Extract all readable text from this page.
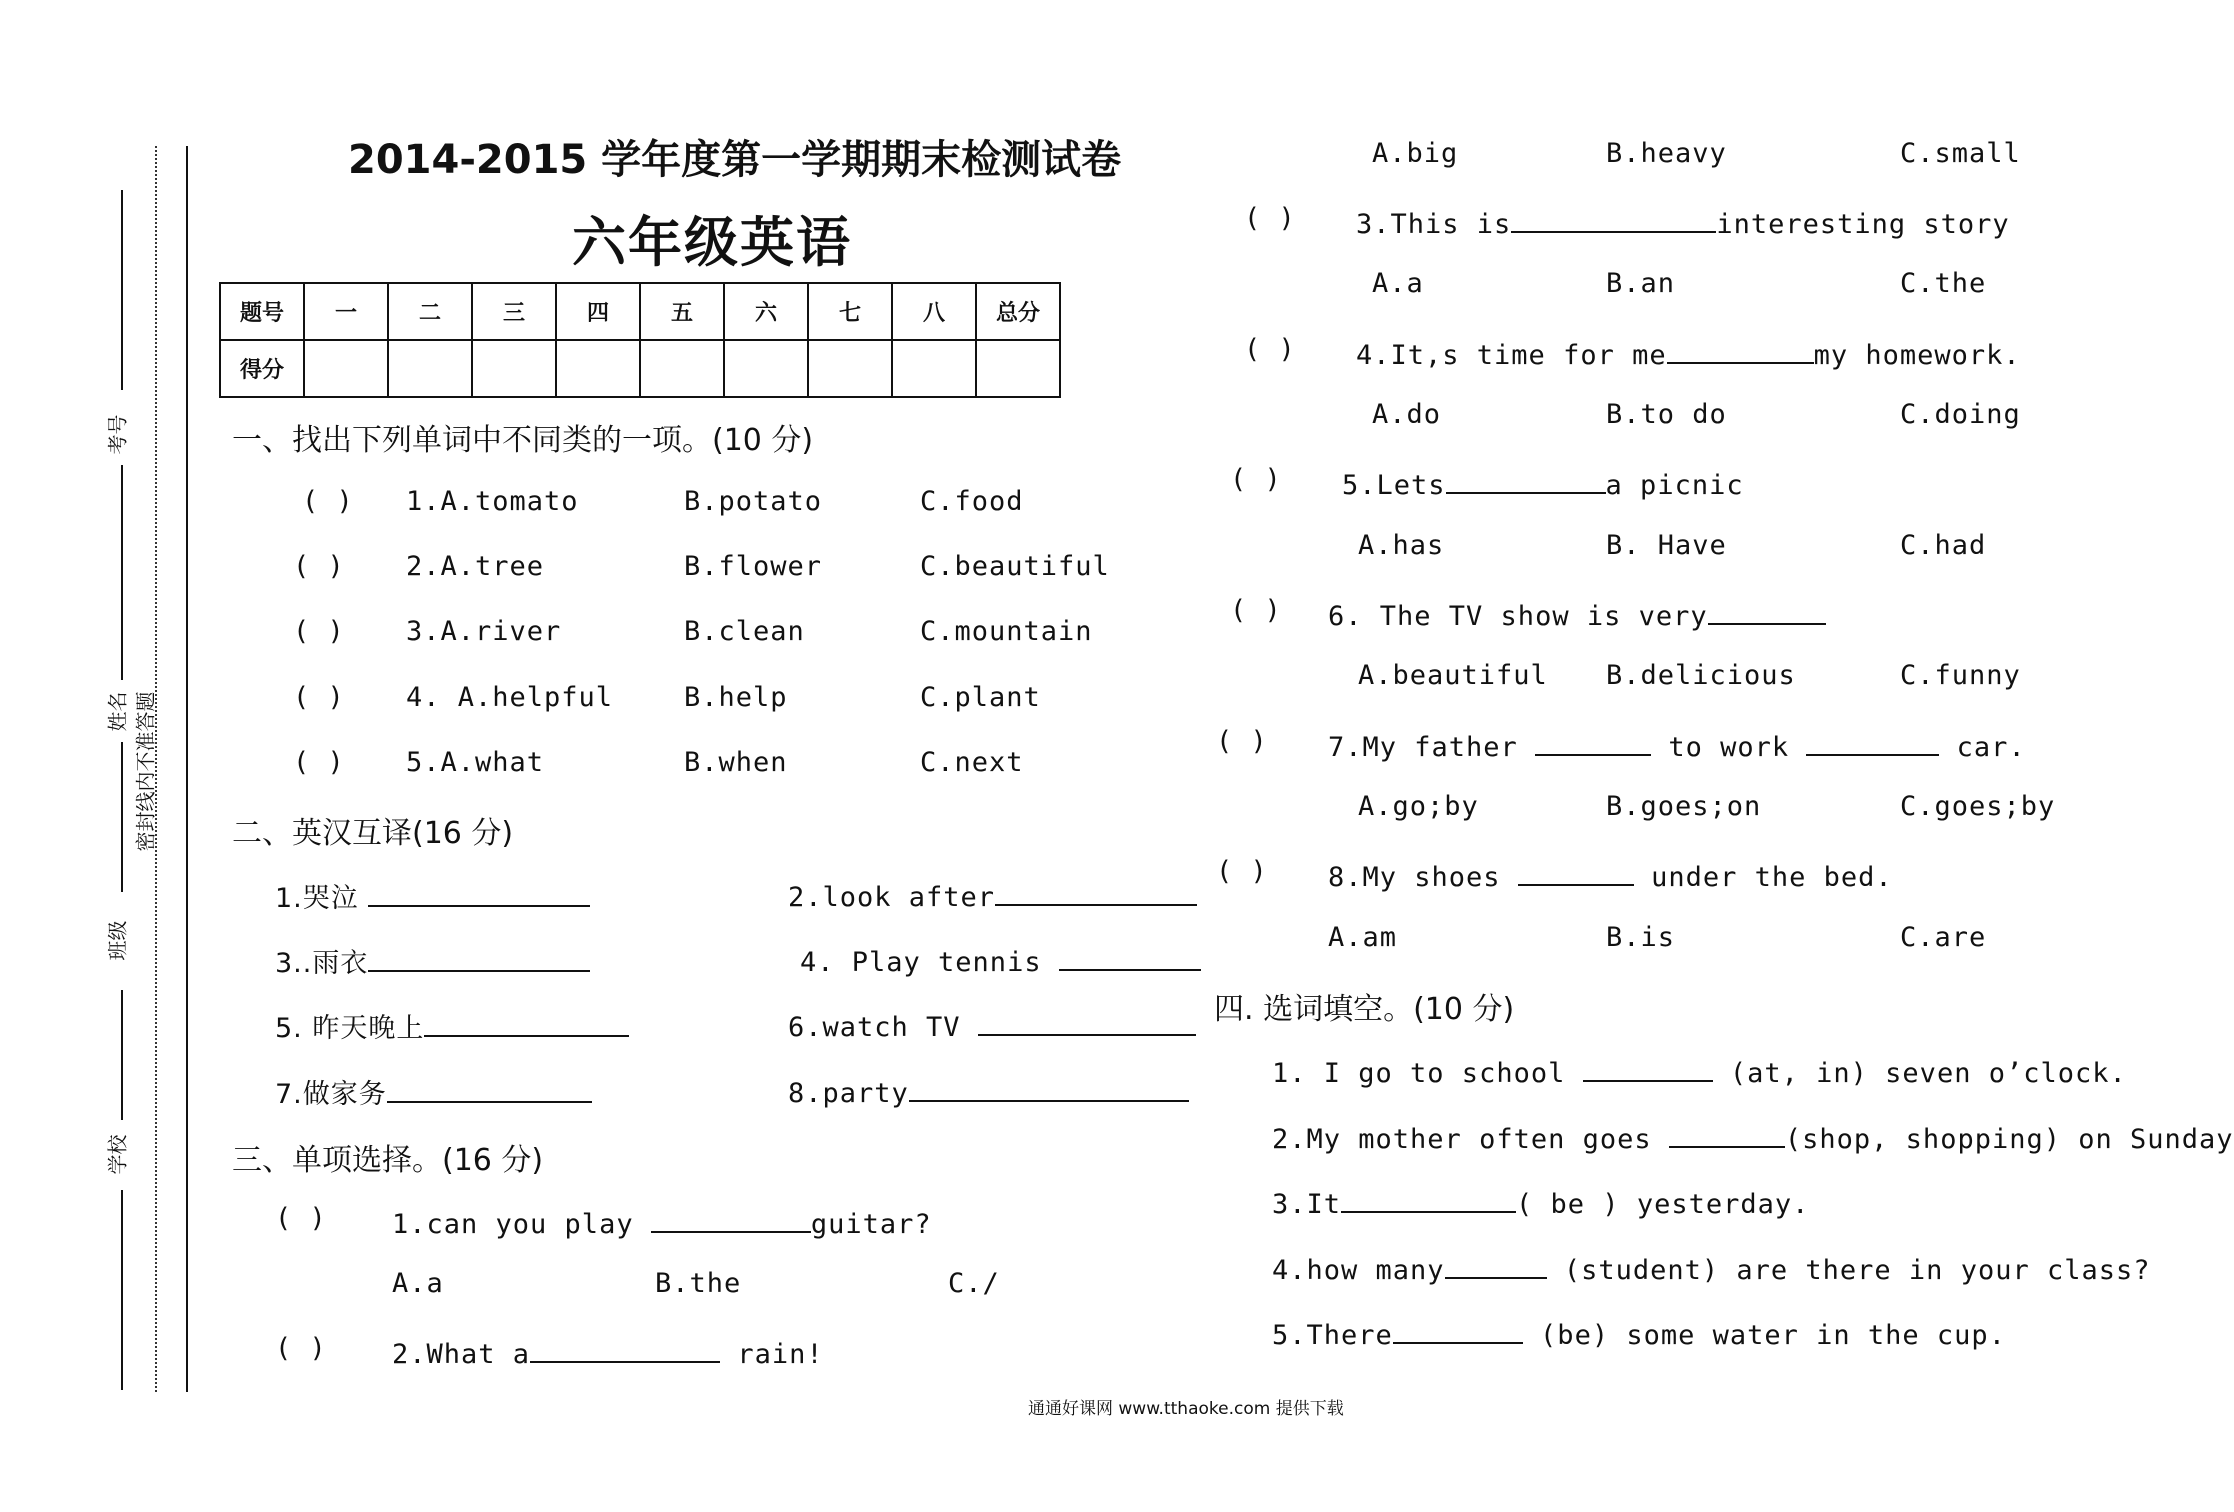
考号
姓名 密封线内不准答题
班级
学校
2014-2015 学年度第一学期期末检测试卷
六年级英语
题号	一	二	三	四	五	六	七	八	总分
得分									
一、找出下列单词中不同类的一项。(10 分)
( ) 1.A.tomato	B.potato	C.food
( ) 2.A.tree	B.flower	C.beautiful
( ) 3.A.river	B.clean	C.mountain
( ) 4. A.helpful	B.help	C.plant
( ) 5.A.what	B.when	C.next
二、英汉互译(16 分)
1.哭泣	2.look after
3..雨衣	4. Play tennis
5. 昨天晚上	6.watch TV
7.做家务	8.party
三、单项选择。(16 分)
( ) 1.can you play	guitar?
A.a	B.the	C./
( ) 2.What a	rain!
A.big	B.heavy	C.small
( ) 3.This is	interesting story
A.a	B.an	C.the
( ) 4.It,s time for me	my homework.
A.do	B.to do	C.doing
( ) 5.Lets	a picnic
A.has	B. Have	C.had
( ) 6. The TV show is very
A.beautiful B.delicious	C.funny
( ) 7.My father	to work	car.
A.go;by	B.goes;on	C.goes;by
( ) 8.My shoes	under the bed.
A.am	B.is	C.are
四. 选词填空。(10 分)
1. I go to school	(at, in) seven o’clock.
2.My mother often goes	(shop, shopping) on Sunday
3.It	( be ) yesterday.
4.how many	(student) are there in your class?
5.There	(be) some water in the cup.
通通好课网 www.tthaoke.com 提供下载
